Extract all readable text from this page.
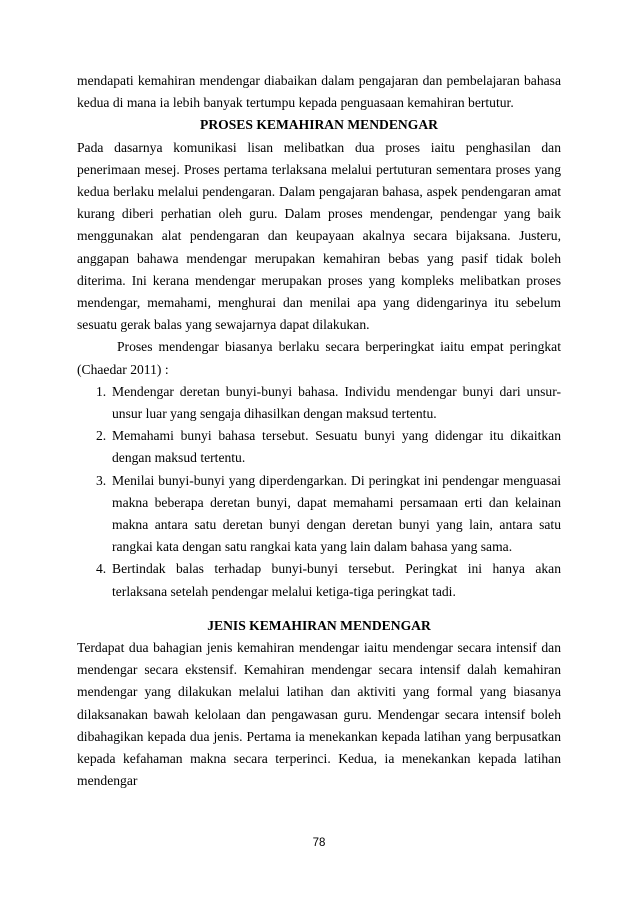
mendapati kemahiran mendengar diabaikan dalam pengajaran dan pembelajaran bahasa kedua di mana ia lebih banyak tertumpu kepada penguasaan kemahiran bertutur.

PROSES KEMAHIRAN MENDENGAR

Pada dasarnya komunikasi lisan melibatkan dua proses iaitu penghasilan dan penerimaan mesej. Proses pertama terlaksana melalui pertuturan sementara proses yang kedua berlaku melalui pendengaran. Dalam pengajaran bahasa, aspek pendengaran amat kurang diberi perhatian oleh guru. Dalam proses mendengar, pendengar yang baik menggunakan alat pendengaran dan keupayaan akalnya secara bijaksana. Justeru, anggapan bahawa mendengar merupakan kemahiran bebas yang pasif tidak boleh diterima. Ini kerana mendengar merupakan proses yang kompleks melibatkan proses mendengar, memahami, menghurai dan menilai apa yang didengarinya itu sebelum sesuatu gerak balas yang sewajarnya dapat dilakukan.

Proses mendengar biasanya berlaku secara berperingkat iaitu empat peringkat (Chaedar 2011) :

1. Mendengar deretan bunyi-bunyi bahasa. Individu mendengar bunyi dari unsur-unsur luar yang sengaja dihasilkan dengan maksud tertentu.
2. Memahami bunyi bahasa tersebut. Sesuatu bunyi yang didengar itu dikaitkan dengan maksud tertentu.
3. Menilai bunyi-bunyi yang diperdengarkan. Di peringkat ini pendengar menguasai makna beberapa deretan bunyi, dapat memahami persamaan erti dan kelainan makna antara satu deretan bunyi dengan deretan bunyi yang lain, antara satu rangkai kata dengan satu rangkai kata yang lain dalam bahasa yang sama.
4. Bertindak balas terhadap bunyi-bunyi tersebut. Peringkat ini hanya akan terlaksana setelah pendengar melalui ketiga-tiga peringkat tadi.
JENIS KEMAHIRAN MENDENGAR

Terdapat dua bahagian jenis kemahiran mendengar iaitu mendengar secara intensif dan mendengar secara ekstensif. Kemahiran mendengar secara intensif dalah kemahiran mendengar yang dilakukan melalui latihan dan aktiviti yang formal yang biasanya dilaksanakan bawah kelolaan dan pengawasan guru. Mendengar secara intensif boleh dibahagikan kepada dua jenis. Pertama ia menekankan kepada latihan yang berpusatkan kepada kefahaman makna secara terperinci. Kedua, ia menekankan kepada latihan mendengar

78
